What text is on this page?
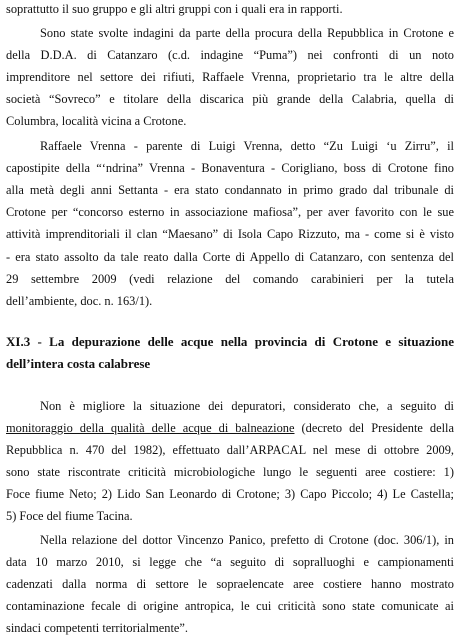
soprattutto il suo gruppo e gli altri gruppi con i quali era in rapporti.
Sono state svolte indagini da parte della procura della Repubblica in Crotone e
della D.D.A. di Catanzaro (c.d. indagine “Puma”) nei confronti di un noto
imprenditore nel settore dei rifiuti, Raffaele Vrenna, proprietario tra le altre della
società “Sovreco” e titolare della discarica più grande della Calabria, quella di
Columbra, località vicina a Crotone.
Raffaele Vrenna - parente di Luigi Vrenna, detto “Zu Luigi ‘u Zirru”, il
capostipite della “‘ndrina” Vrenna - Bonaventura - Corigliano, boss di Crotone fino
alla metà degli anni Settanta - era stato condannato in primo grado dal tribunale di
Crotone per “concorso esterno in associazione mafiosa”, per aver favorito con le sue
attività imprenditoriali il clan “Maesano” di Isola Capo Rizzuto, ma - come si è visto
- era stato assolto da tale reato dalla Corte di Appello di Catanzaro, con sentenza del
29 settembre 2009 (vedi relazione del comando carabinieri per la tutela
dell’ambiente, doc. n. 163/1).
XI.3 - La depurazione delle acque nella provincia di Crotone e situazione
dell’intera costa calabrese
Non è migliore la situazione dei depuratori, considerato che, a seguito di
monitoraggio della qualità delle acque di balneazione (decreto del Presidente della
Repubblica n. 470 del 1982), effettuato dall’ARPACAL nel mese di ottobre 2009,
sono state riscontrate criticità microbiologiche lungo le seguenti aree costiere: 1)
Foce fiume Neto; 2) Lido San Leonardo di Crotone; 3) Capo Piccolo; 4) Le Castella;
5) Foce del fiume Tacina.
Nella relazione del dottor Vincenzo Panico, prefetto di Crotone (doc. 306/1), in
data 10 marzo 2010, si legge che “a seguito di sopralluoghi e campionamenti
cadenzati dalla norma di settore le sopraelencate aree costiere hanno mostrato
contaminazione fecale di origine antropica, le cui criticità sono state comunicate ai
sindaci competenti territorialmente”.
